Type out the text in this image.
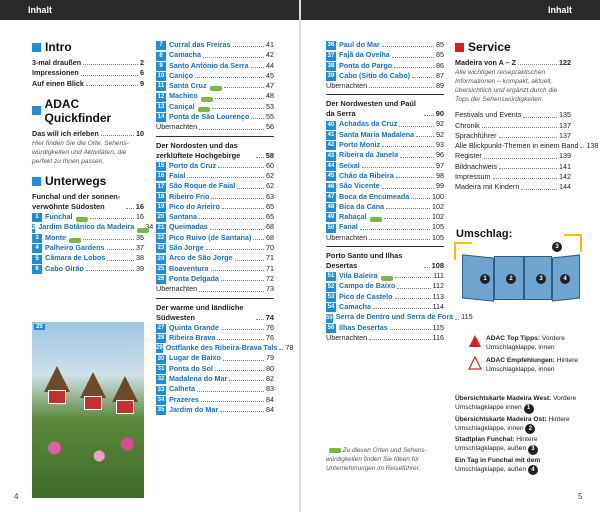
Inhalt	Inhalt
Intro
3-mal draußen	2
Impressionen	6
Auf einen Blick	9
ADAC Quickfinder
Das will ich erleben	10
Hier finden Sie die Orte, Sehens-würdigkeiten und Aktivitäten, die perfekt zu Ihnen passen.
Unterwegs
Funchal und der sonnen-verwöhnte Südosten	16
1 Funchal	16
2 Jardim Botânico da Madeira 34
3 Monte	35
4 Palheiro Gardens	37
5 Câmara de Lobos	38
6 Cabo Girão	39
25
7 Curral das Freiras	41
8 Camacha	42
9 Santo António da Serra 44
10 Caniço	45
11 Santa Cruz	47
12 Machico	48
13 Caniçal	53
14 Ponta de São Lourenço 55
Übernachten	56
Der Nordosten und das zerklüftete Hochgebirge	58
15 Porto da Cruz	60
16 Faial	62
17 São Roque de Faial	62
18 Ribeiro Frio	63
19 Pico do Arieiro	65
20 Santana	65
21 Queimadas	68
22 Pico Ruivo (de Santana) 68
23 São Jorge	70
24 Arco de São Jorge	71
25 Boaventura	71
26 Ponta Delgada	72
Übernachten	73
Der warme und ländliche Südwesten	74
27 Quinta Grande	76
28 Ribeira Brava	76
29 Ostflanke des Ribeira-Brava Tals 78
30 Lugar de Baixo	79
31 Ponta do Sol	80
32 Madalena do Mar	82
33 Calheta	83
34 Prazeres	84
35 Jardim do Mar	84
36 Paul do Mar	85
37 Fajã da Ovelha	85
38 Ponta do Pargo	86
39 Cabo (Sítio do Cabo)	87
Übernachten	89
Der Nordwesten und Paúl da Serra	90
40 Achadas da Cruz	92
41 Santa Maria Madalena	92
42 Porto Moniz	93
43 Ribeira da Janela	96
44 Seixal	97
45 Chão da Ribeira	98
46 São Vicente	99
47 Boca da Encumeada	100
48 Bica da Cana	102
49 Rabaçal	102
50 Fanal	105
Übernachten	105
Porto Santo und Ilhas Desertas	108
51 Vila Baleira	111
52 Campo de Baixo	112
53 Pico de Castelo	113
54 Camacha	114
55 Serra de Dentro und Serra de Fora 115
56 Ilhas Desertas	115
Übernachten	116
Zu diesen Orten und Sehens-würdigkeiten finden Sie Ideen für Unternehmungen im Reiseführer.
Service
Madeira von A – Z	122
Alle wichtigen reisepraktischen Informationen – kompakt, aktuell, übersichtlich und ergänzt durch die Tops der Sehenswürdigkeiten.
Festivals und Events	135
Chronik	137
Sprachführer	137
Alle Blickpunkt-Themen in einem Band 138
Register	139
Bildnachweis	141
Impressum	142
Madeira mit Kindern	144
Umschlag:
1	2	3	4
3
ADAC Top Tipps: Vordere Umschlagklappe, innen
ADAC Empfehlungen: Hintere Umschlagklappe, innen
Übersichtskarte Madeira West: Vordere Umschlagklappe innen 1
Übersichtskarte Madeira Ost: Hintere Umschlagklappe, innen 2
Stadtplan Funchal: Hintere Umschlagklappe, außen 3
Ein Tag in Funchal mit dem Umschlagklappe, außen 4
4	5
